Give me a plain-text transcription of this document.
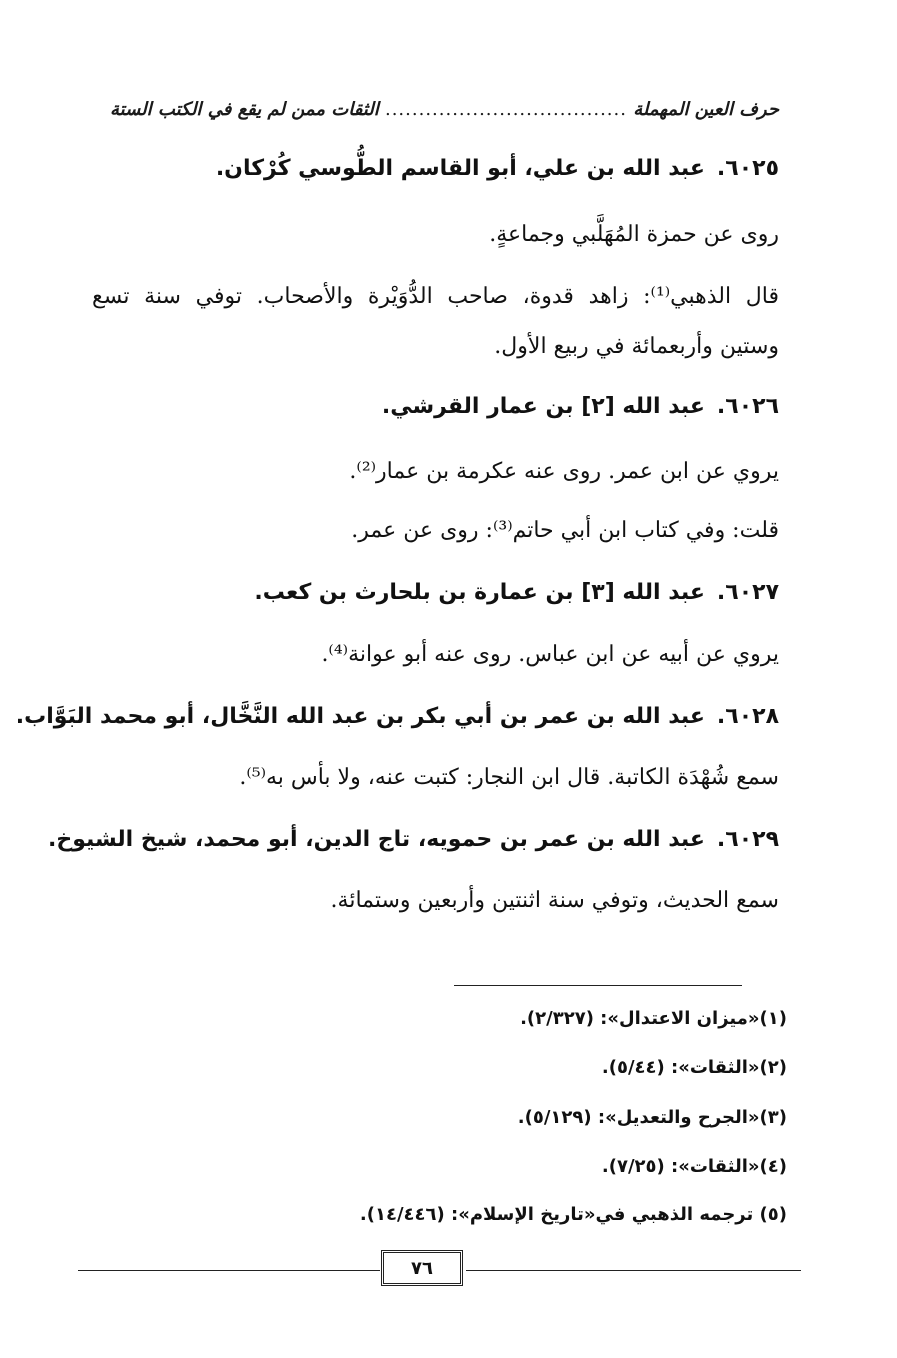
حرف العين المهملة
....................................
الثقات ممن لم يقع في الكتب الستة
٦٠٢٥.عبد الله بن علي، أبو القاسم الطُّوسي كُرْكان.
روى عن حمزة المُهَلَّبي وجماعةٍ.
قال الذهبي⁽¹⁾: زاهد قدوة، صاحب الدُّوَيْرة والأصحاب. توفي سنة تسع
وستين وأربعمائة في ربيع الأول.
٦٠٢٦.عبد الله [٢] بن عمار القرشي.
يروي عن ابن عمر. روى عنه عكرمة بن عمار⁽²⁾.
قلت: وفي كتاب ابن أبي حاتم⁽³⁾: روى عن عمر.
٦٠٢٧.عبد الله [٣] بن عمارة بن بلحارث بن كعب.
يروي عن أبيه عن ابن عباس. روى عنه أبو عوانة⁽⁴⁾.
٦٠٢٨.عبد الله بن عمر بن أبي بكر بن عبد الله النَّخَّال، أبو محمد البَوَّاب.
سمع شُهْدَة الكاتبة. قال ابن النجار: كتبت عنه، ولا بأس به⁽⁵⁾.
٦٠٢٩.عبد الله بن عمر بن حمويه، تاج الدين، أبو محمد، شيخ الشيوخ.
سمع الحديث، وتوفي سنة اثنتين وأربعين وستمائة.
(١)«ميزان الاعتدال»: (٢/٣٢٧).
(٢)«الثقات»: (٥/٤٤).
(٣)«الجرح والتعديل»: (٥/١٢٩).
(٤)«الثقات»: (٧/٢٥).
(٥) ترجمه الذهبي في«تاريخ الإسلام»: (١٤/٤٤٦).
٧٦
